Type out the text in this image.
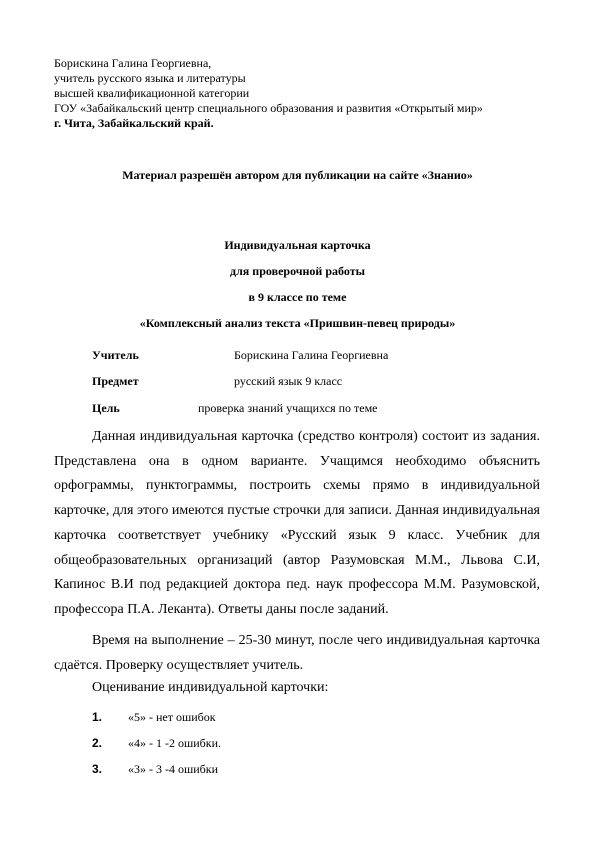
Борискина Галина Георгиевна,
учитель русского языка и литературы
высшей квалификационной категории
ГОУ «Забайкальский центр специального образования и развития «Открытый мир»
г. Чита, Забайкальский край.
Материал разрешён автором для публикации на сайте «Знанио»
Индивидуальная карточка
для проверочной работы
в 9 классе по теме
«Комплексный анализ текста «Пришвин-певец природы»
Учитель	Борискина Галина Георгиевна
Предмет	русский язык 9 класс
Цель	проверка знаний учащихся по теме
Данная индивидуальная карточка (средство контроля) состоит из задания. Представлена она в одном варианте. Учащимся необходимо объяснить орфограммы, пунктограммы, построить схемы прямо в индивидуальной карточке, для этого имеются пустые строчки для записи. Данная индивидуальная карточка соответствует учебнику «Русский язык 9 класс. Учебник для общеобразовательных организаций (автор Разумовская М.М., Львова С.И, Капинос В.И под редакцией доктора пед. наук профессора М.М. Разумовской, профессора П.А. Леканта). Ответы даны после заданий.
Время на выполнение – 25-30 минут, после чего индивидуальная карточка сдаётся. Проверку осуществляет учитель.
Оценивание индивидуальной карточки:
1. «5» - нет ошибок
2. «4» - 1 -2 ошибки.
3. «3» - 3 -4 ошибки
